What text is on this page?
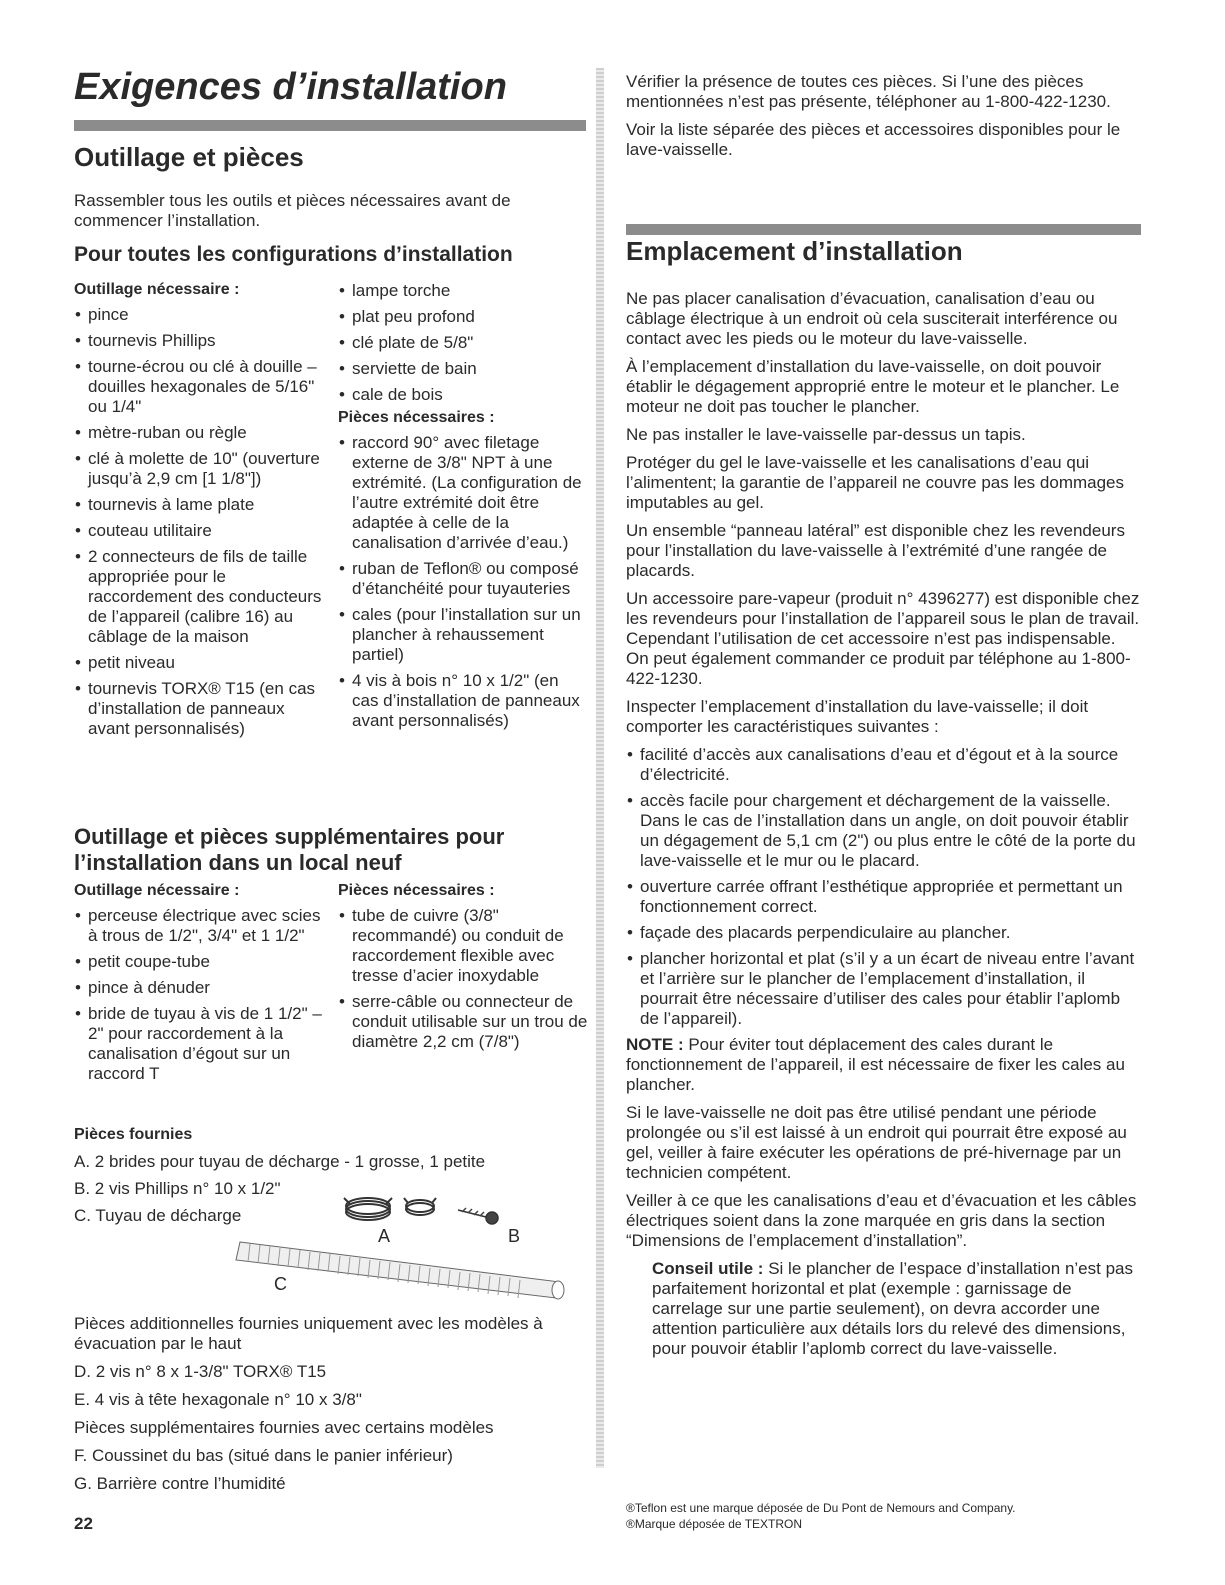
Exigences d’installation
Outillage et pièces

Rassembler tous les outils et pièces nécessaires avant de commencer l’installation.

Pour toutes les configurations d’installation
Outillage nécessaire :
• pince
• tournevis Phillips
• tourne-écrou ou clé à douille – douilles hexagonales de 5/16" ou 1/4"
• mètre-ruban ou règle
• clé à molette de 10" (ouverture jusqu’à 2,9 cm [1 1/8"])
• tournevis à lame plate
• couteau utilitaire
• 2 connecteurs de fils de taille appropriée pour le raccordement des conducteurs de l’appareil (calibre 16) au câblage de la maison
• petit niveau
• tournevis TORX® T15 (en cas d’installation de panneaux avant personnalisés)
• lampe torche
• plat peu profond
• clé plate de 5/8"
• serviette de bain
• cale de bois
Pièces nécessaires :
• raccord 90° avec filetage externe de 3/8" NPT à une extrémité. (La configuration de l’autre extrémité doit être adaptée à celle de la canalisation d’arrivée d’eau.)
• ruban de Teflon® ou composé d’étanchéité pour tuyauteries
• cales (pour l’installation sur un plancher à rehaussement partiel)
• 4 vis à bois n° 10 x 1/2" (en cas d’installation de panneaux avant personnalisés)
Outillage et pièces supplémentaires pour l’installation dans un local neuf
Outillage nécessaire :
• perceuse électrique avec scies à trous de 1/2", 3/4" et 1 1/2"
• petit coupe-tube
• pince à dénuder
• bride de tuyau à vis de 1 1/2" – 2" pour raccordement à la canalisation d’égout sur un raccord T
Pièces nécessaires :
• tube de cuivre (3/8" recommandé) ou conduit de raccordement flexible avec tresse d’acier inoxydable
• serre-câble ou connecteur de conduit utilisable sur un trou de diamètre 2,2 cm (7/8")
Pièces fournies

A. 2 brides pour tuyau de décharge - 1 grosse, 1 petite

B. 2 vis Phillips n° 10 x 1/2"

C. Tuyau de décharge

A	B
C

Pièces additionnelles fournies uniquement avec les modèles à évacuation par le haut

D. 2 vis n° 8 x 1-3/8" TORX® T15

E. 4 vis à tête hexagonale n° 10 x 3/8"

Pièces supplémentaires fournies avec certains modèles

F. Coussinet du bas (situé dans le panier inférieur)

G. Barrière contre l’humidité

22

Vérifier la présence de toutes ces pièces. Si l’une des pièces mentionnées n’est pas présente, téléphoner au 1-800-422-1230.

Voir la liste séparée des pièces et accessoires disponibles pour le lave-vaisselle.

Emplacement d’installation

Ne pas placer canalisation d’évacuation, canalisation d’eau ou câblage électrique à un endroit où cela susciterait interférence ou contact avec les pieds ou le moteur du lave-vaisselle.

À l’emplacement d’installation du lave-vaisselle, on doit pouvoir établir le dégagement approprié entre le moteur et le plancher. Le moteur ne doit pas toucher le plancher.

Ne pas installer le lave-vaisselle par-dessus un tapis.

Protéger du gel le lave-vaisselle et les canalisations d’eau qui l’alimentent; la garantie de l’appareil ne couvre pas les dommages imputables au gel.

Un ensemble “panneau latéral” est disponible chez les revendeurs pour l’installation du lave-vaisselle à l’extrémité d’une rangée de placards.

Un accessoire pare-vapeur (produit n° 4396277) est disponible chez les revendeurs pour l’installation de l’appareil sous le plan de travail. Cependant l’utilisation de cet accessoire n’est pas indispensable. On peut également commander ce produit par téléphone au 1-800-422-1230.

Inspecter l’emplacement d’installation du lave-vaisselle; il doit comporter les caractéristiques suivantes :

• facilité d’accès aux canalisations d’eau et d’égout et à la source d’électricité.
• accès facile pour chargement et déchargement de la vaisselle. Dans le cas de l’installation dans un angle, on doit pouvoir établir un dégagement de 5,1 cm (2") ou plus entre le côté de la porte du lave-vaisselle et le mur ou le placard.
• ouverture carrée offrant l’esthétique appropriée et permettant un fonctionnement correct.
• façade des placards perpendiculaire au plancher.
• plancher horizontal et plat (s’il y a un écart de niveau entre l’avant et l’arrière sur le plancher de l’emplacement d’installation, il pourrait être nécessaire d’utiliser des cales pour établir l’aplomb de l’appareil).

NOTE : Pour éviter tout déplacement des cales durant le fonctionnement de l’appareil, il est nécessaire de fixer les cales au plancher.

Si le lave-vaisselle ne doit pas être utilisé pendant une période prolongée ou s’il est laissé à un endroit qui pourrait être exposé au gel, veiller à faire exécuter les opérations de pré-hivernage par un technicien compétent.

Veiller à ce que les canalisations d’eau et d’évacuation et les câbles électriques soient dans la zone marquée en gris dans la section “Dimensions de l’emplacement d’installation”.

Conseil utile : Si le plancher de l’espace d’installation n’est pas parfaitement horizontal et plat (exemple : garnissage de carrelage sur une partie seulement), on devra accorder une attention particulière aux détails lors du relevé des dimensions, pour pouvoir établir l’aplomb correct du lave-vaisselle.

®Teflon est une marque déposée de Du Pont de Nemours and Company.
®Marque déposée de TEXTRON
